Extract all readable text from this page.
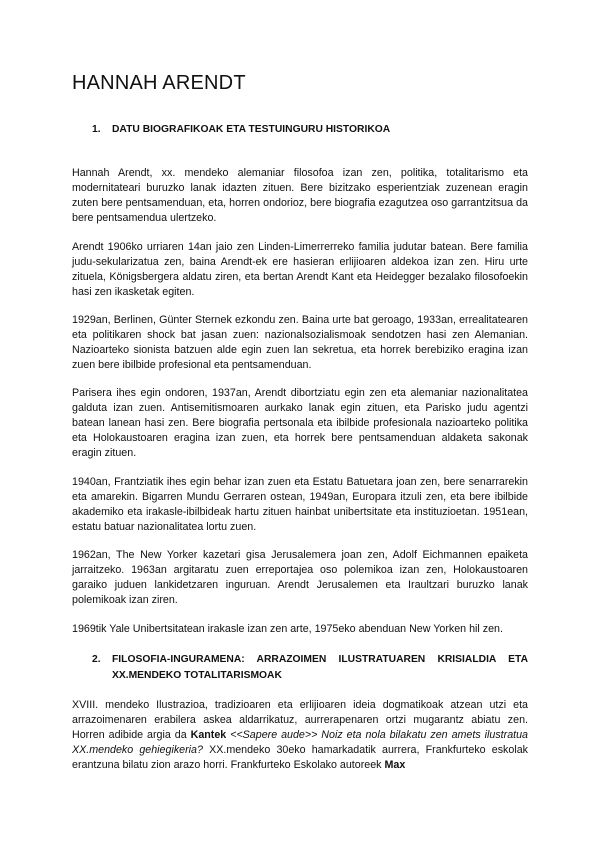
HANNAH ARENDT
1.	DATU BIOGRAFIKOAK ETA TESTUINGURU HISTORIKOA

Hannah Arendt, xx. mendeko alemaniar filosofoa izan zen, politika, totalitarismo eta modernitateari buruzko lanak idazten zituen. Bere bizitzako esperientziak zuzenean eragin zuten bere pentsamenduan, eta, horren ondorioz, bere biografia ezagutzea oso garrantzitsua da bere pentsamendua ulertzeko.

Arendt 1906ko urriaren 14an jaio zen Linden-Limerrerreko familia judutar batean. Bere familia judu-sekularizatua zen, baina Arendt-ek ere hasieran erlijioaren aldekoa izan zen. Hiru urte zituela, Königsbergera aldatu ziren, eta bertan Arendt Kant eta Heidegger bezalako filosofoekin hasi zen ikasketak egiten.

1929an, Berlinen, Günter Sternek ezkondu zen. Baina urte bat geroago, 1933an, errealitatearen eta politikaren shock bat jasan zuen: nazionalsozialismoak sendotzen hasi zen Alemanian. Nazioarteko sionista batzuen alde egin zuen lan sekretua, eta horrek berebiziko eragina izan zuen bere ibilbide profesional eta pentsamenduan.

Parisera ihes egin ondoren, 1937an, Arendt dibortziatu egin zen eta alemaniar nazionalitatea galduta izan zuen. Antisemitismoaren aurkako lanak egin zituen, eta Parisko judu agentzi batean lanean hasi zen. Bere biografia pertsonala eta ibilbide profesionala nazioarteko politika eta Holokaustoaren eragina izan zuen, eta horrek bere pentsamenduan aldaketa sakonak eragin zituen.

1940an, Frantziatik ihes egin behar izan zuen eta Estatu Batuetara joan zen, bere senarrarekin eta amarekin. Bigarren Mundu Gerraren ostean, 1949an, Europara itzuli zen, eta bere ibilbide akademiko eta irakasle-ibilbideak hartu zituen hainbat unibertsitate eta instituzioetan. 1951ean, estatu batuar nazionalitatea lortu zuen.

1962an, The New Yorker kazetari gisa Jerusalemera joan zen, Adolf Eichmannen epaiketa jarraitzeko. 1963an argitaratu zuen erreportajea oso polemikoa izan zen, Holokaustoaren garaiko juduen lankidetzaren inguruan. Arendt Jerusalemen eta Iraultzari buruzko lanak polemikoak izan ziren.

1969tik Yale Unibertsitatean irakasle izan zen arte, 1975eko abenduan New Yorken hil zen.

2.	FILOSOFIA-INGURAMENA: ARRAZOIMEN ILUSTRATUAREN KRISIALDIA ETA XX.MENDEKO TOTALITARISMOAK

XVIII. mendeko Ilustrazioa, tradizioaren eta erlijioaren ideia dogmatikoak atzean utzi eta arrazoimenaren erabilera askea aldarrikatuz, aurrerapenaren ortzi mugarantz abiatu zen. Horren adibide argia da Kantek <<Sapere aude>> Noiz eta nola bilakatu zen amets ilustratua XX.mendeko gehiegikeria? XX.mendeko 30eko hamarkadatik aurrera, Frankfurteko eskolak erantzuna bilatu zion arazo horri. Frankfurteko Eskolako autoreek Max
